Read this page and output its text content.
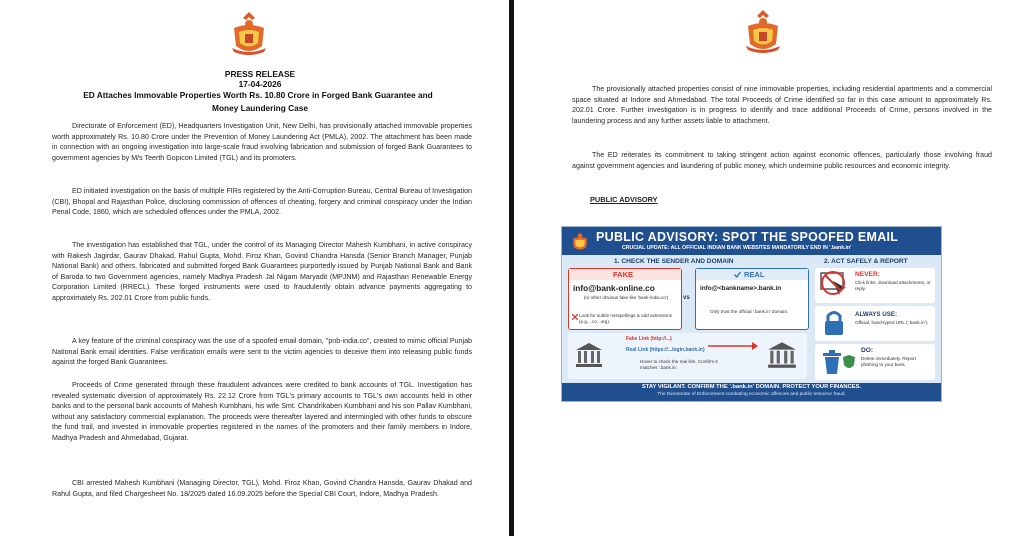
PRESS RELEASE
17-04-2026
ED Attaches Immovable Properties Worth Rs. 10.80 Crore in Forged Bank Guarantee and
Money Laundering Case

Directorate of Enforcement (ED), Headquarters Investigation Unit, New Delhi, has provisionally attached immovable properties worth approximately Rs. 10.80 Crore under the Prevention of Money Laundering Act (PMLA), 2002. The attachment has been made in connection with an ongoing investigation into large-scale fraud involving fabrication and submission of forged Bank Guarantees to government agencies by M/s Teerth Gopicon Limited (TGL) and its promoters.

ED initiated investigation on the basis of multiple FIRs registered by the Anti-Corruption Bureau, Central Bureau of Investigation (CBI), Bhopal and Rajasthan Police, disclosing commission of offences of cheating, forgery and criminal conspiracy under the Indian Penal Code, 1860, which are scheduled offences under the PMLA, 2002.

The investigation has established that TGL, under the control of its Managing Director Mahesh Kumbhani, in active conspiracy with Rakesh Jagirdar, Gaurav Dhakad, Rahul Gupta, Mohd. Firoz Khan, Govind Chandra Hansda (Senior Branch Manager, Punjab National Bank) and others, fabricated and submitted forged Bank Guarantees purportedly issued by Punjab National Bank and Bank of Baroda to two Government agencies, namely Madhya Pradesh Jal Nigam Maryadit (MPJNM) and Rajasthan Renewable Energy Corporation Limited (RRECL). These forged instruments were used to fraudulently obtain advance payments aggregating to approximately Rs. 202.01 Crore from public funds.

A key feature of the criminal conspiracy was the use of a spoofed email domain, "pnb-india.co", created to mimic official Punjab National Bank email identities. False verification emails were sent to the victim agencies to deceive them into releasing public funds against the forged Bank Guarantees.

Proceeds of Crime generated through these fraudulent advances were credited to bank accounts of TGL. Investigation has revealed systematic diversion of approximately Rs. 22.12 Crore from TGL's primary accounts to TGL's own accounts held in other banks and to the personal bank accounts of Mahesh Kumbhani, his wife Smt. Chandrikaben Kumbhani and his son Pallav Kumbhani, without any satisfactory commercial explanation. The proceeds were thereafter layered and intermingled with other funds to obscure the fund trail, and invested in immovable properties registered in the names of the promoters and their family members in Indore, Madhya Pradesh and Ahmedabad, Gujarat.

CBI arrested Mahesh Kumbhani (Managing Director, TGL), Mohd. Firoz Khan, Govind Chandra Hansda, Gaurav Dhakad and Rahul Gupta, and filed Chargesheet No. 18/2025 dated 16.09.2025 before the Special CBI Court, Indore, Madhya Pradesh.

The provisionally attached properties consist of nine immovable properties, including residential apartments and a commercial space situated at Indore and Ahmedabad. The total Proceeds of Crime identified so far in this case amount to approximately Rs. 202.01 Crore. Further investigation is in progress to identify and trace additional Proceeds of Crime, persons involved in the laundering process and any further assets liable to attachment.

The ED reiterates its commitment to taking stringent action against economic offences, particularly those involving fraud against government agencies and laundering of public money, which undermine public resources and economic integrity.

PUBLIC ADVISORY
PUBLIC ADVISORY: SPOT THE SPOOFED EMAIL
CRUCIAL UPDATE: ALL OFFICIAL INDIAN BANK WEBSITES MANDATORILY END IN '.bank.in'
1. CHECK THE SENDER AND DOMAIN	2. ACT SAFELY & REPORT
FAKE
info@bank-online.co
(or other obvious fake like 'bank-india.co')
Look for subtle misspellings & odd extensions (e.g., .co, .org).
vs
REAL
info@<bankname>.bank.in
Only trust the official '.bank.in' domain.
Fake Link (http://...)
Real Link (https://...login.bank.in)
Hover to check the real link. Confirm it matches '.bank.in'.
NEVER:
Click links, download attachments, or reply.
ALWAYS USE:
Official, hand-typed URL ('.bank.in').
DO:
Delete immediately. Report phishing to your bank.
STAY VIGILANT. CONFIRM THE '.bank.in' DOMAIN. PROTECT YOUR FINANCES.
The Directorate of Enforcement combating economic offences and public resource fraud.
